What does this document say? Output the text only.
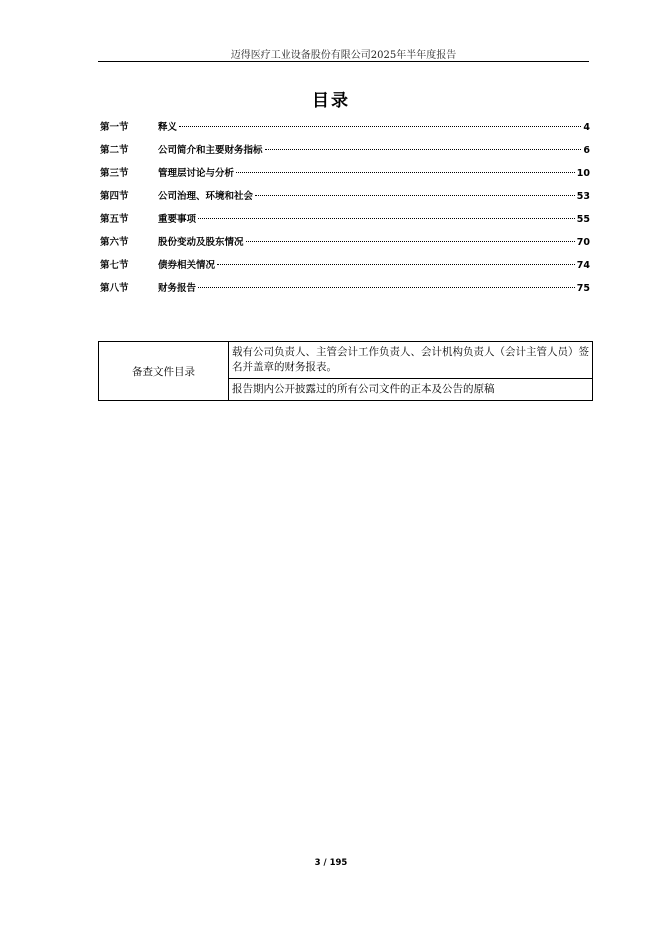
迈得医疗工业设备股份有限公司2025年半年度报告
目录
第一节	释义	4
第二节	公司简介和主要财务指标	6
第三节	管理层讨论与分析	10
第四节	公司治理、环境和社会	53
第五节	重要事项	55
第六节	股份变动及股东情况	70
第七节	债券相关情况	74
第八节	财务报告	75
备查文件目录	载有公司负责人、主管会计工作负责人、会计机构负责人（会计主管人员）签名并盖章的财务报表。
报告期内公开披露过的所有公司文件的正本及公告的原稿
3 / 195
